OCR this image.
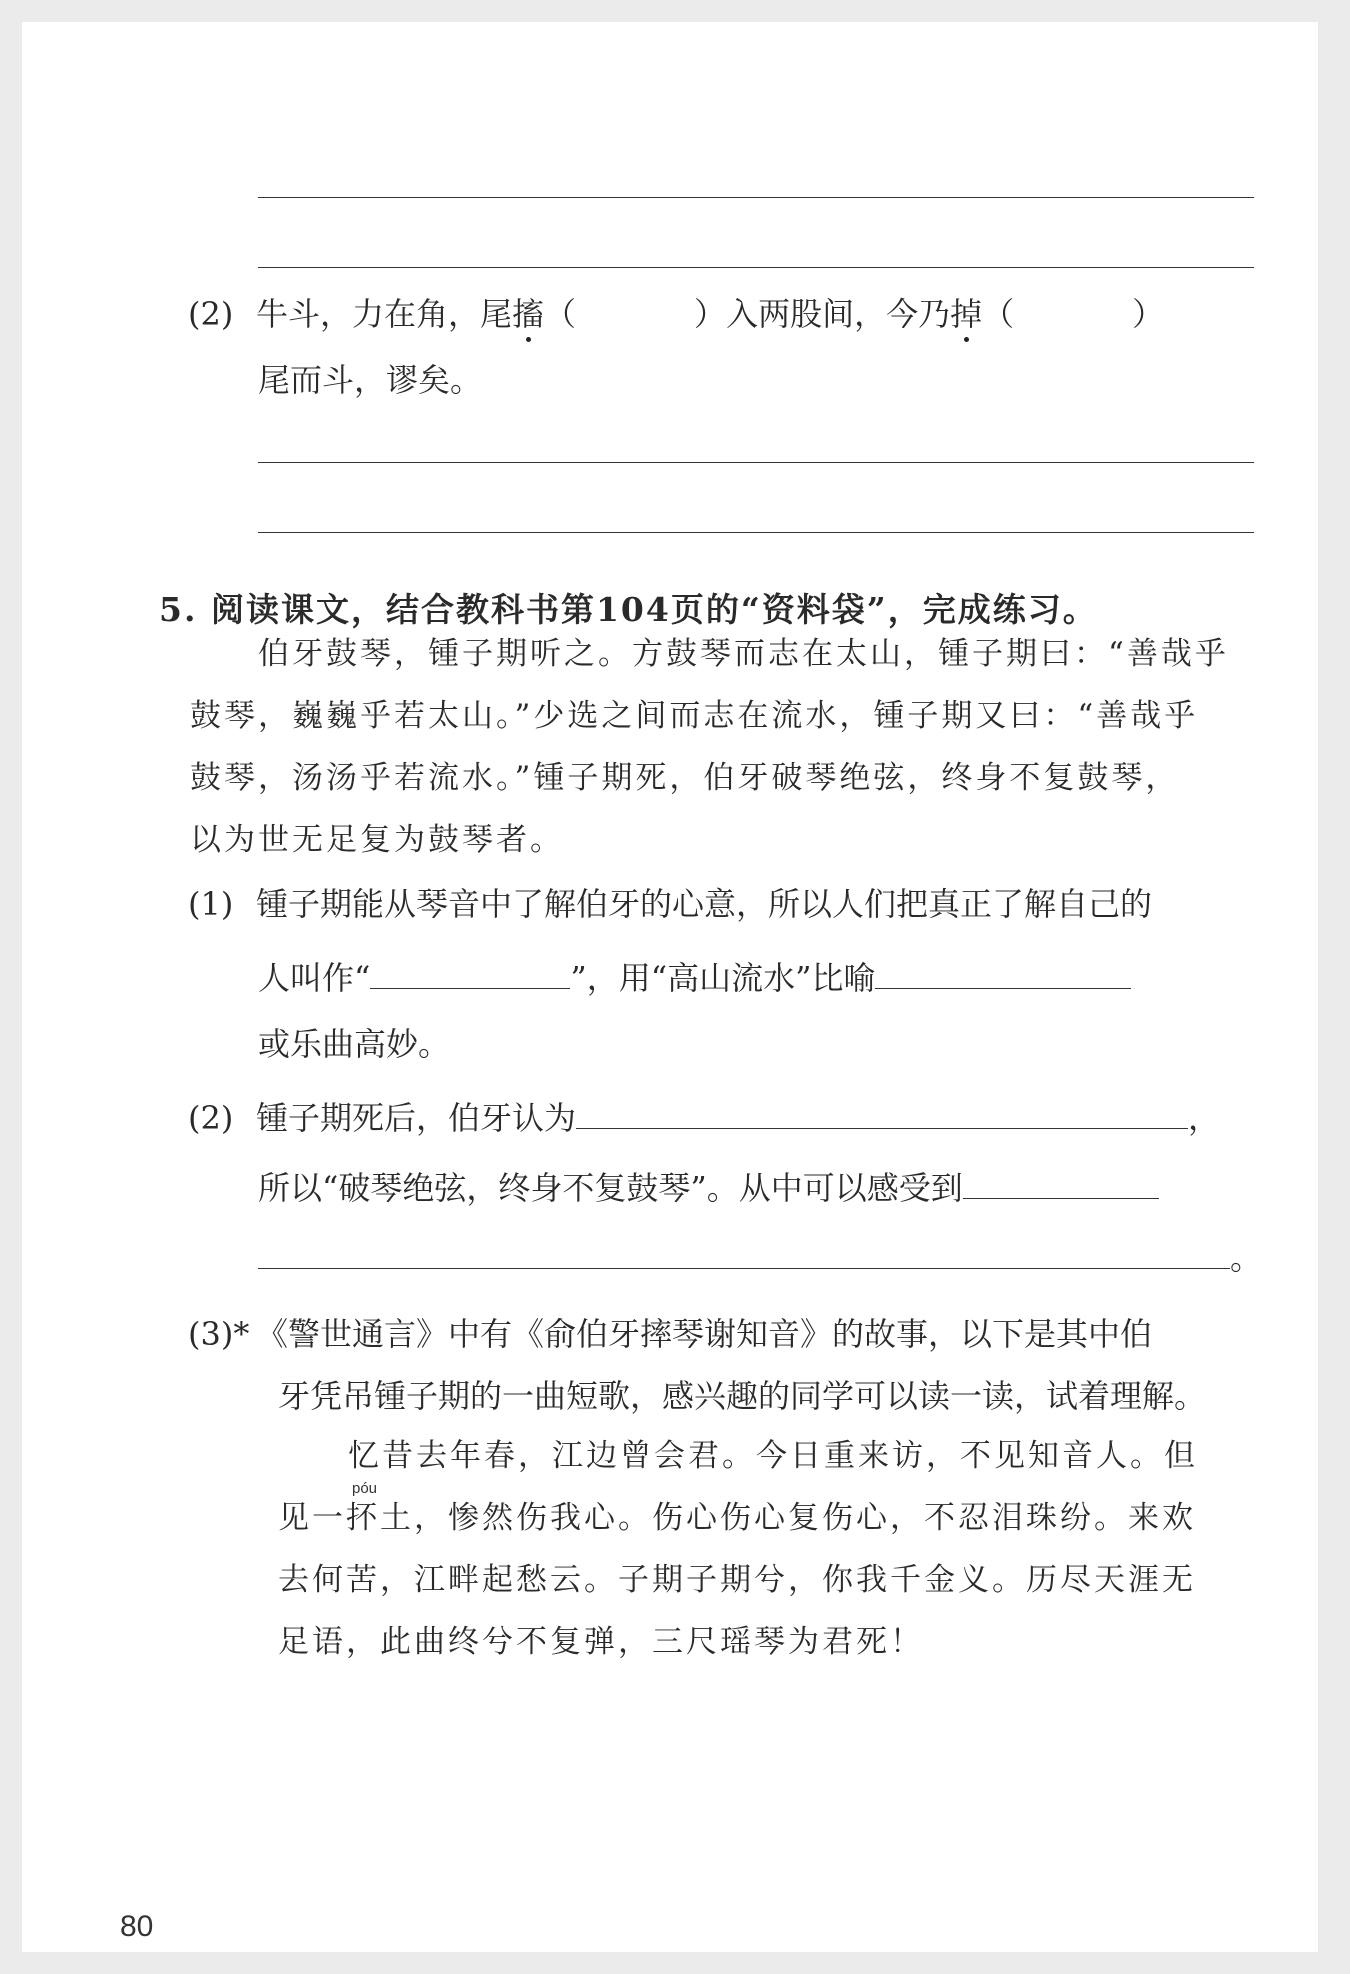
(2) 牛斗，力在角，尾搐（	）入两股间，今乃掉（	）
尾而斗，谬矣。
5. 阅读课文，结合教科书第104页的“资料袋”，完成练习。
伯牙鼓琴，锺子期听之。方鼓琴而志在太山，锺子期曰：“善哉乎
鼓琴，巍巍乎若太山。”少选之间而志在流水，锺子期又曰：“善哉乎
鼓琴，汤汤乎若流水。”锺子期死，伯牙破琴绝弦，终身不复鼓琴，
以为世无足复为鼓琴者。
(1) 锺子期能从琴音中了解伯牙的心意，所以人们把真正了解自己的
人叫作“	”，用“高山流水”比喻
或乐曲高妙。
(2) 锺子期死后，伯牙认为	，
所以“破琴绝弦，终身不复鼓琴”。从中可以感受到
。
(3)* 《警世通言》中有《俞伯牙摔琴谢知音》的故事，以下是其中伯
牙凭吊锺子期的一曲短歌，感兴趣的同学可以读一读，试着理解。
忆昔去年春，江边曾会君。今日重来访，不见知音人。但
póu
见一抔土，惨然伤我心。伤心伤心复伤心，不忍泪珠纷。来欢
去何苦，江畔起愁云。子期子期兮，你我千金义。历尽天涯无
足语，此曲终兮不复弹，三尺瑶琴为君死！
80
